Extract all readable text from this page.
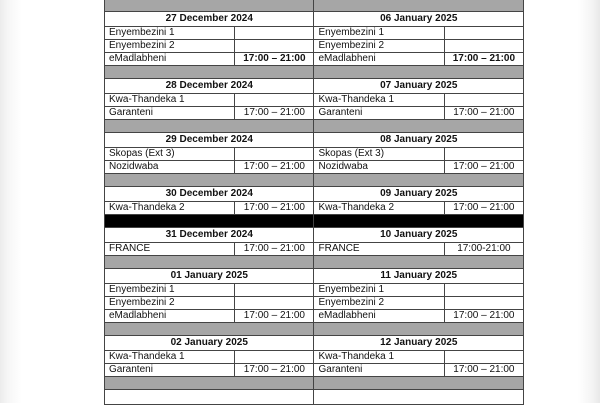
27 December 2024		06 January 2025	
Enyembezini 1		Enyembezini 1	
Enyembezini 2		Enyembezini 2	
eMadlabheni	17:00 – 21:00	eMadlabheni	17:00 – 21:00

28 December 2024		07 January 2025	
Kwa-Thandeka 1		Kwa-Thandeka 1	
Garanteni	17:00 – 21:00	Garanteni	17:00 – 21:00

29 December 2024		08 January 2025	
Skopas (Ext 3)		Skopas (Ext 3)	
Nozidwaba	17:00 – 21:00	Nozidwaba	17:00 – 21:00

30 December 2024		09 January 2025	
Kwa-Thandeka 2	17:00 – 21:00	Kwa-Thandeka 2	17:00 – 21:00

31 December 2024		10 January 2025	
FRANCE	17:00 – 21:00	FRANCE	17:00-21:00

01 January 2025		11 January 2025	
Enyembezini 1		Enyembezini 1	
Enyembezini 2		Enyembezini 2	
eMadlabheni	17:00 – 21:00	eMadlabheni	17:00 – 21:00

02 January 2025		12 January 2025	
Kwa-Thandeka 1		Kwa-Thandeka 1	
Garanteni	17:00 – 21:00	Garanteni	17:00 – 21:00
